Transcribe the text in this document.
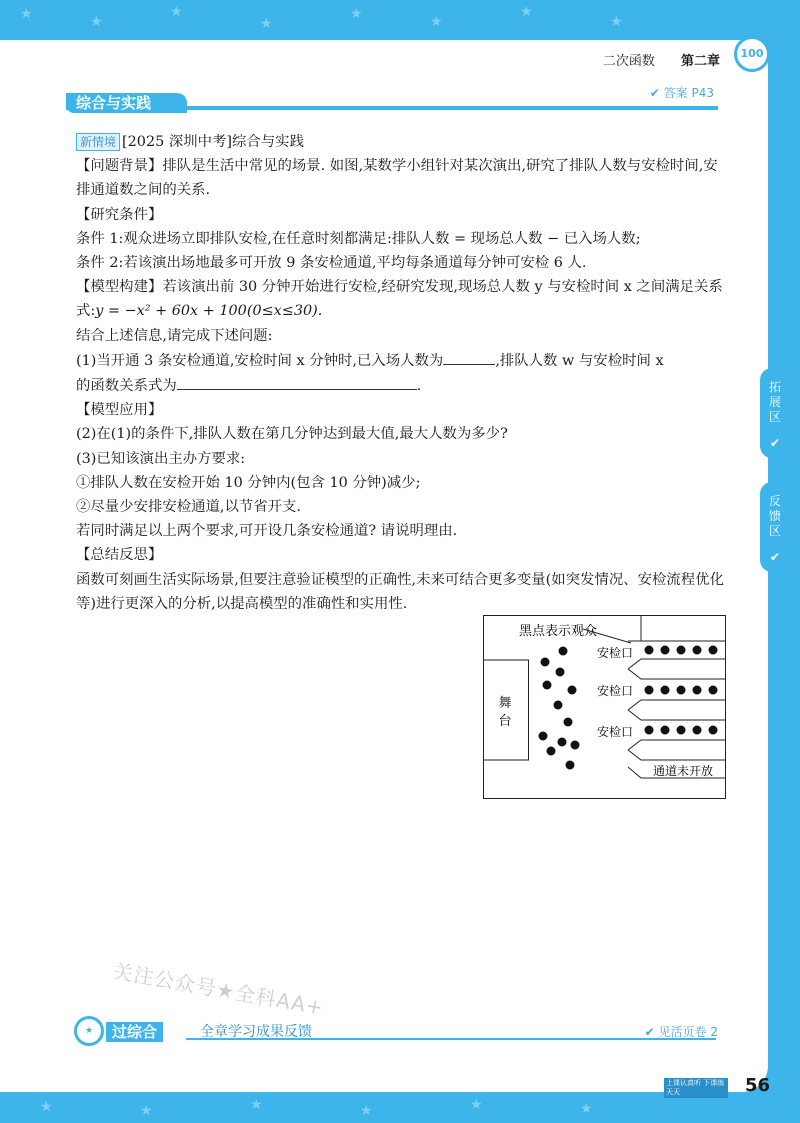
★	★
★
★
★	★
★
★
★	★	★	★	★	★
二次函数 第二章
100
综合与实践
✔ 答案 P43

新情境 [2025 深圳中考]综合与实践

【问题背景】排队是生活中常见的场景. 如图,某数学小组针对某次演出,研究了排队人数与安检时间,安排通道数之间的关系.

【研究条件】

条件 1:观众进场立即排队安检,在任意时刻都满足:排队人数 = 现场总人数 − 已入场人数;

条件 2:若该演出场地最多可开放 9 条安检通道,平均每条通道每分钟可安检 6 人.

【模型构建】若该演出前 30 分钟开始进行安检,经研究发现,现场总人数 y 与安检时间 x 之间满足关系式:y = −x² + 60x + 100(0≤x≤30).

结合上述信息,请完成下述问题:

(1)当开通 3 条安检通道,安检时间 x 分钟时,已入场人数为	,排队人数 w 与安检时间 x

的函数关系式为	.

【模型应用】

(2)在(1)的条件下,排队人数在第几分钟达到最大值,最大人数为多少?

(3)已知该演出主办方要求:

①排队人数在安检开始 10 分钟内(包含 10 分钟)减少;

②尽量少安排安检通道,以节省开支.

若同时满足以上两个要求,可开设几条安检通道? 请说明理由.

【总结反思】

函数可刻画生活实际场景,但要注意验证模型的正确性,未来可结合更多变量(如突发情况、安检流程优化等)进行更深入的分析,以提高模型的准确性和实用性.

舞
台
黑点表示观众
安检口
安检口
安检口
通道未开放
拓展区
✔
反馈区
✔
关注公众号★全科AA+
★	过综合	全章学习成果反馈	✔ 见活页卷 2
上课认真听 下课练天天	56
